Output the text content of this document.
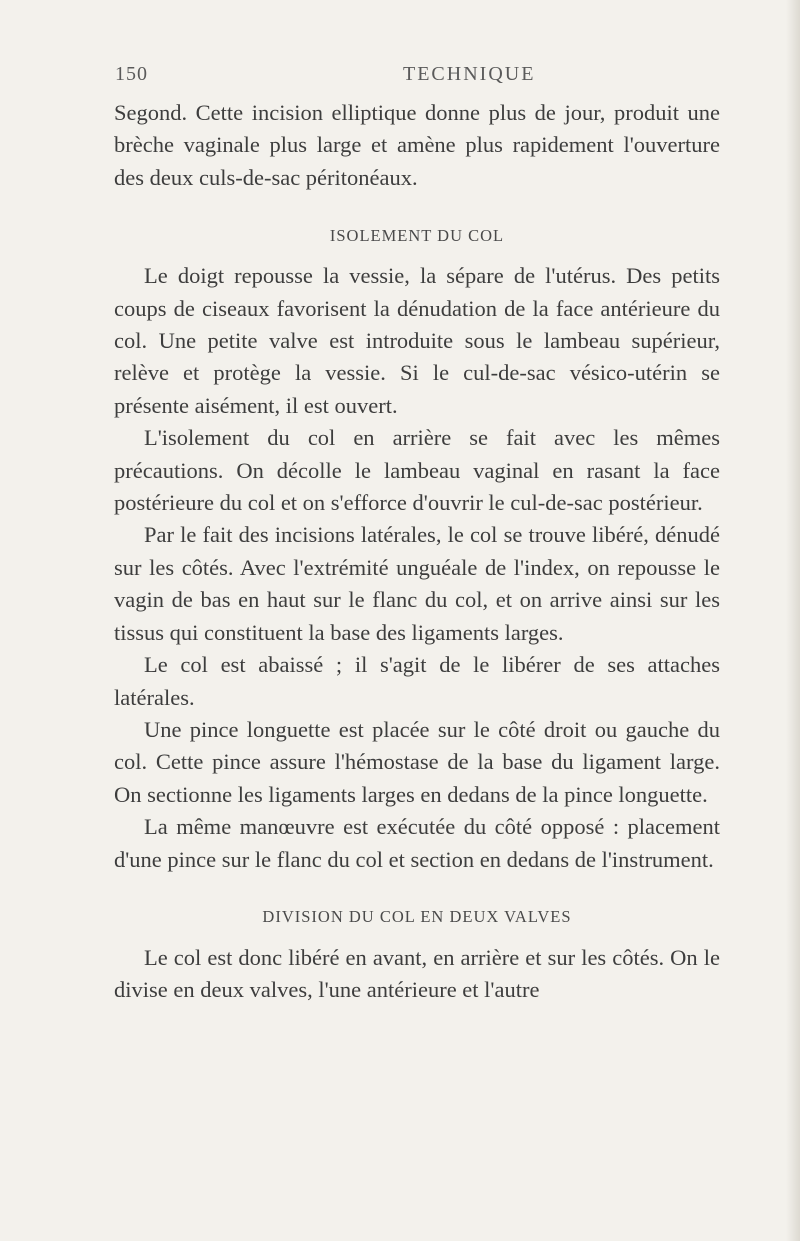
150	TECHNIQUE

Segond. Cette incision elliptique donne plus de jour, produit une brèche vaginale plus large et amène plus rapidement l'ouverture des deux culs-de-sac péritonéaux.

ISOLEMENT DU COL

Le doigt repousse la vessie, la sépare de l'utérus. Des petits coups de ciseaux favorisent la dénudation de la face antérieure du col. Une petite valve est introduite sous le lambeau supérieur, relève et protège la vessie. Si le cul-de-sac vésico-utérin se présente aisément, il est ouvert.

L'isolement du col en arrière se fait avec les mêmes précautions. On décolle le lambeau vaginal en rasant la face postérieure du col et on s'efforce d'ouvrir le cul-de-sac postérieur.

Par le fait des incisions latérales, le col se trouve libéré, dénudé sur les côtés. Avec l'extrémité unguéale de l'index, on repousse le vagin de bas en haut sur le flanc du col, et on arrive ainsi sur les tissus qui constituent la base des ligaments larges.

Le col est abaissé ; il s'agit de le libérer de ses attaches latérales.

Une pince longuette est placée sur le côté droit ou gauche du col. Cette pince assure l'hémostase de la base du ligament large. On sectionne les ligaments larges en dedans de la pince longuette.

La même manœuvre est exécutée du côté opposé : placement d'une pince sur le flanc du col et section en dedans de l'instrument.

DIVISION DU COL EN DEUX VALVES

Le col est donc libéré en avant, en arrière et sur les côtés. On le divise en deux valves, l'une antérieure et l'autre
